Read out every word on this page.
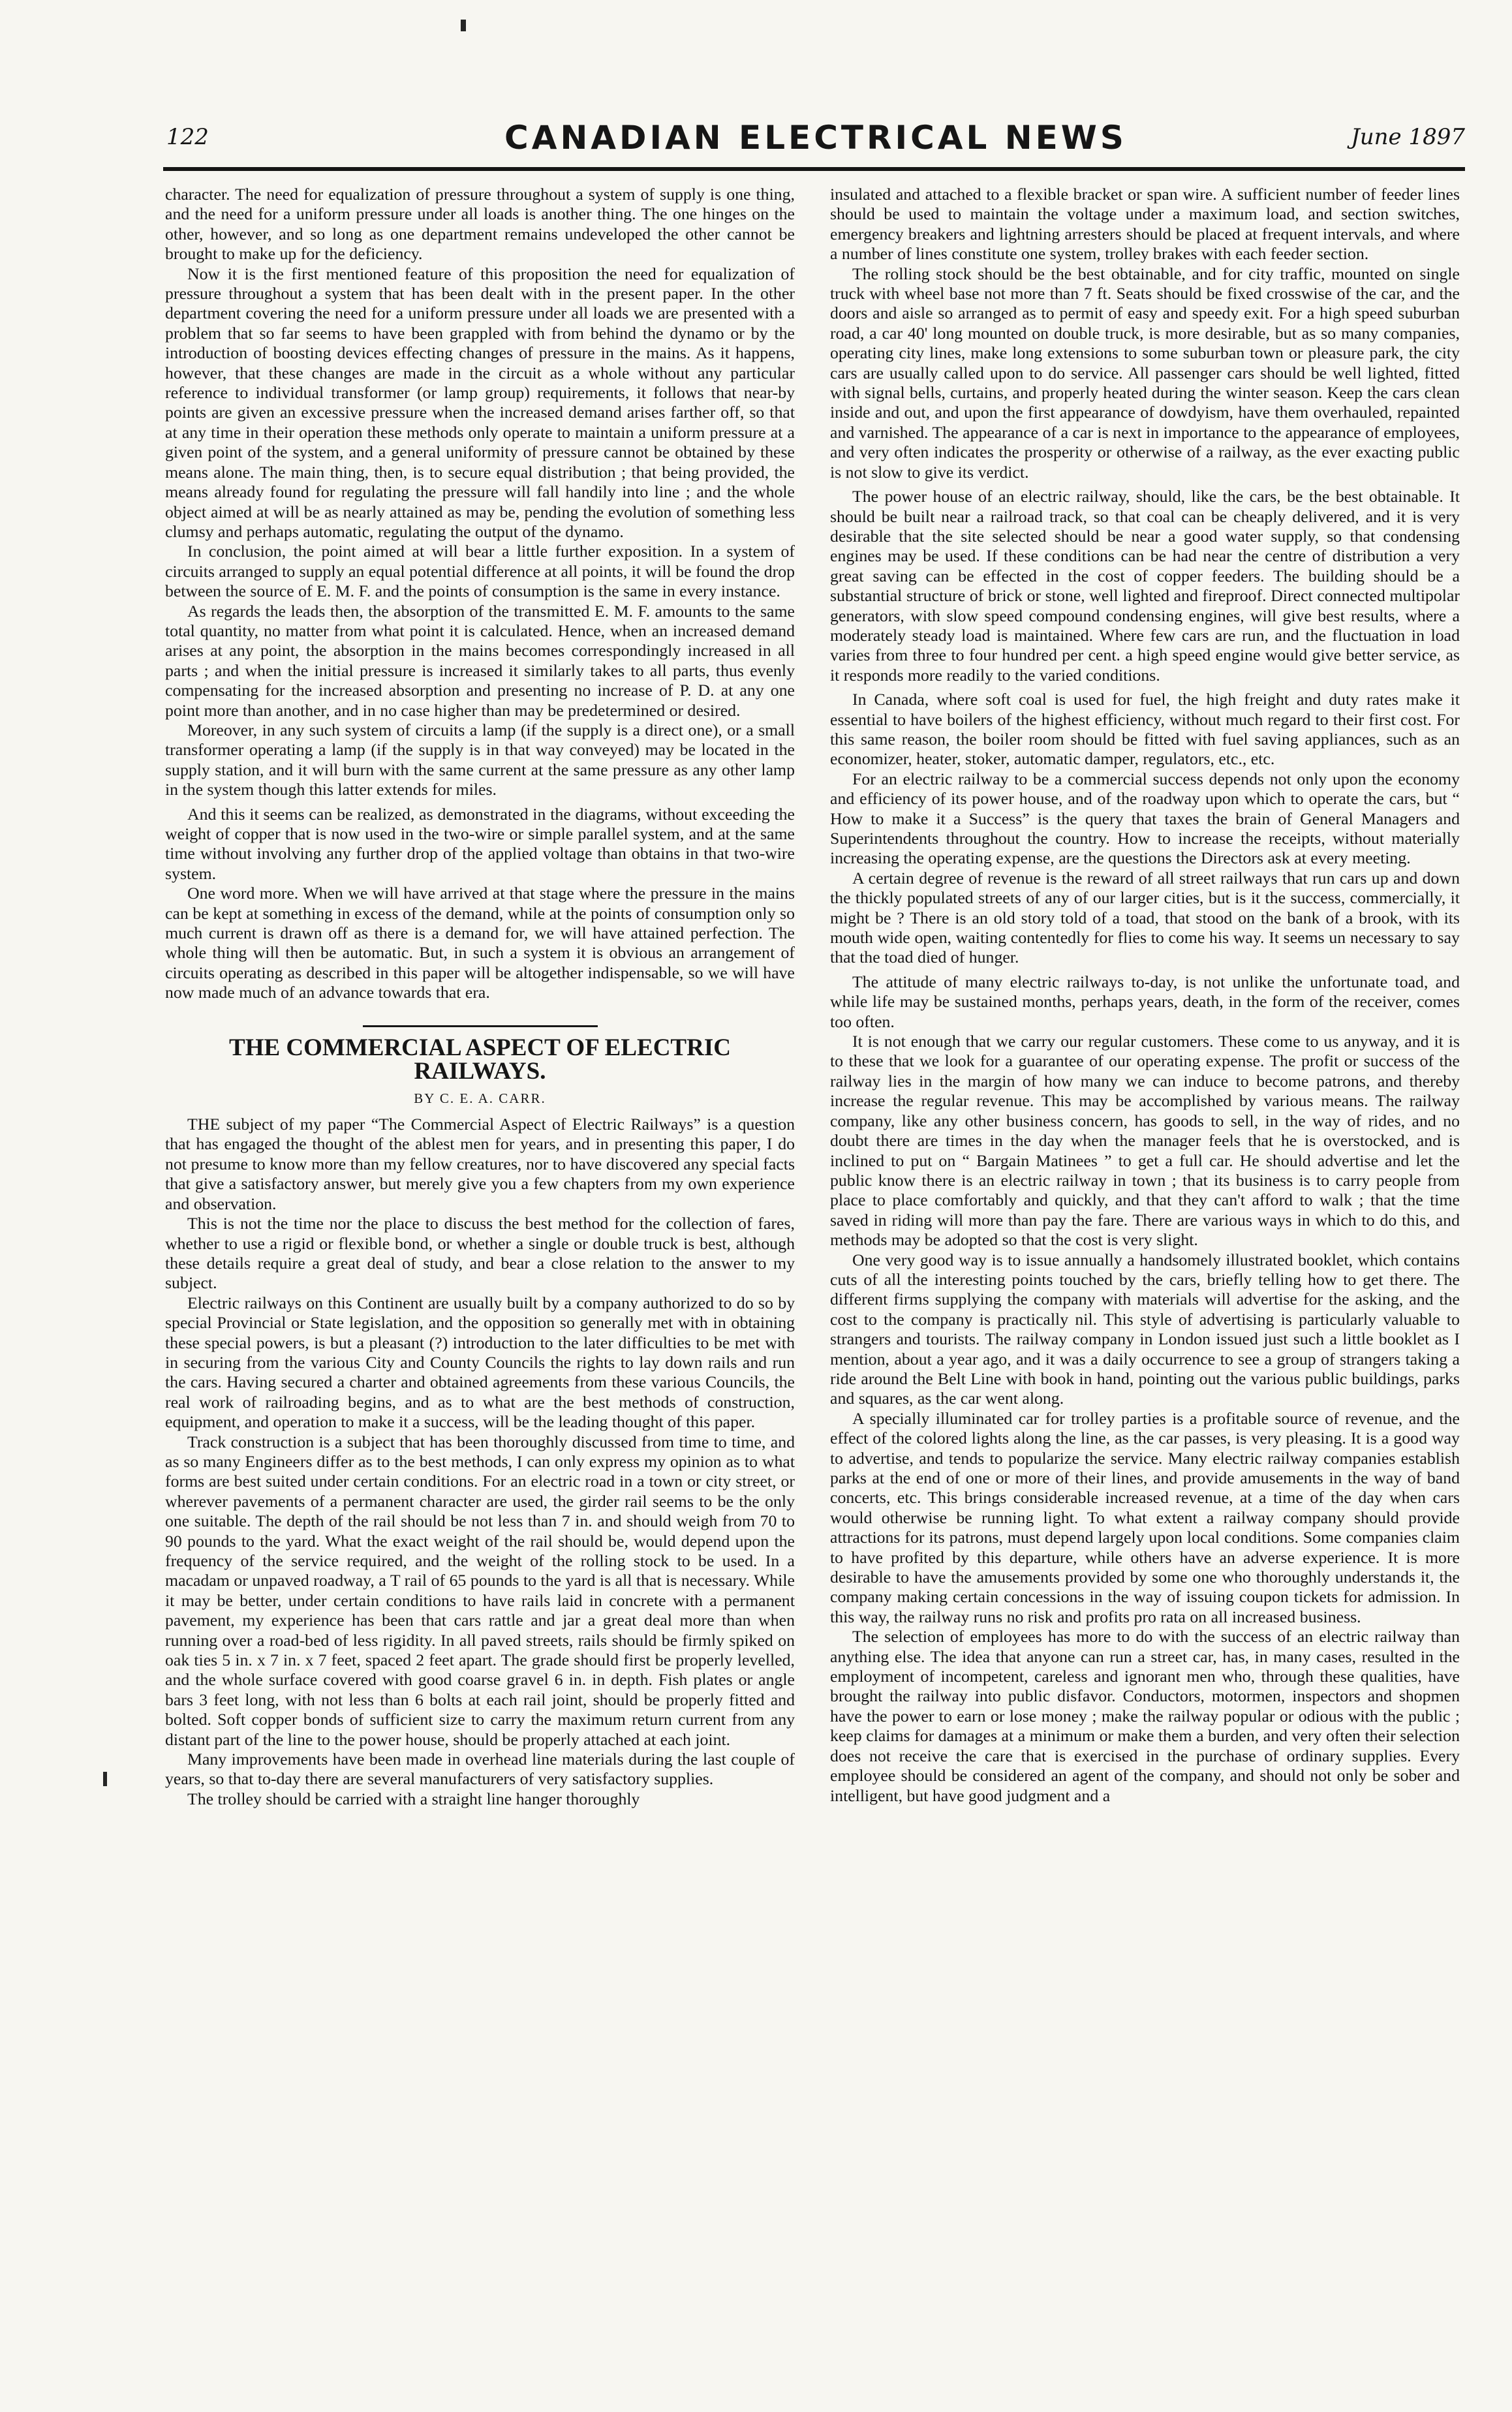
122	CANADIAN ELECTRICAL NEWS	June 1897

character. The need for equalization of pressure throughout a system of supply is one thing, and the need for a uniform pressure under all loads is another thing. The one hinges on the other, however, and so long as one department remains undeveloped the other cannot be brought to make up for the deficiency.

Now it is the first mentioned feature of this proposition the need for equalization of pressure throughout a system that has been dealt with in the present paper. In the other department covering the need for a uniform pressure under all loads we are presented with a problem that so far seems to have been grappled with from behind the dynamo or by the introduction of boosting devices effecting changes of pressure in the mains. As it happens, however, that these changes are made in the circuit as a whole without any particular reference to individual transformer (or lamp group) requirements, it follows that near-by points are given an excessive pressure when the increased demand arises farther off, so that at any time in their operation these methods only operate to maintain a uniform pressure at a given point of the system, and a general uniformity of pressure cannot be obtained by these means alone. The main thing, then, is to secure equal distribution ; that being provided, the means already found for regulating the pressure will fall handily into line ; and the whole object aimed at will be as nearly attained as may be, pending the evolution of something less clumsy and perhaps automatic, regulating the output of the dynamo.

In conclusion, the point aimed at will bear a little further exposition. In a system of circuits arranged to supply an equal potential difference at all points, it will be found the drop between the source of E. M. F. and the points of consumption is the same in every instance.

As regards the leads then, the absorption of the transmitted E. M. F. amounts to the same total quantity, no matter from what point it is calculated. Hence, when an increased demand arises at any point, the absorption in the mains becomes correspondingly increased in all parts ; and when the initial pressure is increased it similarly takes to all parts, thus evenly compensating for the increased absorption and presenting no increase of P. D. at any one point more than another, and in no case higher than may be predetermined or desired.

Moreover, in any such system of circuits a lamp (if the supply is a direct one), or a small transformer operating a lamp (if the supply is in that way conveyed) may be located in the supply station, and it will burn with the same current at the same pressure as any other lamp in the system though this latter extends for miles.

And this it seems can be realized, as demonstrated in the diagrams, without exceeding the weight of copper that is now used in the two-wire or simple parallel system, and at the same time without involving any further drop of the applied voltage than obtains in that two-wire system.

One word more. When we will have arrived at that stage where the pressure in the mains can be kept at something in excess of the demand, while at the points of consumption only so much current is drawn off as there is a demand for, we will have attained perfection. The whole thing will then be automatic. But, in such a system it is obvious an arrangement of circuits operating as described in this paper will be altogether indispensable, so we will have now made much of an advance towards that era.

THE COMMERCIAL ASPECT OF ELECTRIC RAILWAYS.
BY C. E. A. CARR.

THE subject of my paper “The Commercial Aspect of Electric Railways” is a question that has engaged the thought of the ablest men for years, and in presenting this paper, I do not presume to know more than my fellow creatures, nor to have discovered any special facts that give a satisfactory answer, but merely give you a few chapters from my own experience and observation.

This is not the time nor the place to discuss the best method for the collection of fares, whether to use a rigid or flexible bond, or whether a single or double truck is best, although these details require a great deal of study, and bear a close relation to the answer to my subject.

Electric railways on this Continent are usually built by a company authorized to do so by special Provincial or State legislation, and the opposition so generally met with in obtaining these special powers, is but a pleasant (?) introduction to the later difficulties to be met with in securing from the various City and County Councils the rights to lay down rails and run the cars. Having secured a charter and obtained agreements from these various Councils, the real work of railroading begins, and as to what are the best methods of construction, equipment, and operation to make it a success, will be the leading thought of this paper.

Track construction is a subject that has been thoroughly discussed from time to time, and as so many Engineers differ as to the best methods, I can only express my opinion as to what forms are best suited under certain conditions. For an electric road in a town or city street, or wherever pavements of a permanent character are used, the girder rail seems to be the only one suitable. The depth of the rail should be not less than 7 in. and should weigh from 70 to 90 pounds to the yard. What the exact weight of the rail should be, would depend upon the frequency of the service required, and the weight of the rolling stock to be used. In a macadam or unpaved roadway, a T rail of 65 pounds to the yard is all that is necessary. While it may be better, under certain conditions to have rails laid in concrete with a permanent pavement, my experience has been that cars rattle and jar a great deal more than when running over a road-bed of less rigidity. In all paved streets, rails should be firmly spiked on oak ties 5 in. x 7 in. x 7 feet, spaced 2 feet apart. The grade should first be properly levelled, and the whole surface covered with good coarse gravel 6 in. in depth. Fish plates or angle bars 3 feet long, with not less than 6 bolts at each rail joint, should be properly fitted and bolted. Soft copper bonds of sufficient size to carry the maximum return current from any distant part of the line to the power house, should be properly attached at each joint.

Many improvements have been made in overhead line materials during the last couple of years, so that to-day there are several manufacturers of very satisfactory supplies.

The trolley should be carried with a straight line hanger thoroughly

insulated and attached to a flexible bracket or span wire. A sufficient number of feeder lines should be used to maintain the voltage under a maximum load, and section switches, emergency breakers and lightning arresters should be placed at frequent intervals, and where a number of lines constitute one system, trolley brakes with each feeder section.

The rolling stock should be the best obtainable, and for city traffic, mounted on single truck with wheel base not more than 7 ft. Seats should be fixed crosswise of the car, and the doors and aisle so arranged as to permit of easy and speedy exit. For a high speed suburban road, a car 40' long mounted on double truck, is more desirable, but as so many companies, operating city lines, make long extensions to some suburban town or pleasure park, the city cars are usually called upon to do service. All passenger cars should be well lighted, fitted with signal bells, curtains, and properly heated during the winter season. Keep the cars clean inside and out, and upon the first appearance of dowdyism, have them overhauled, repainted and varnished. The appearance of a car is next in importance to the appearance of employees, and very often indicates the prosperity or otherwise of a railway, as the ever exacting public is not slow to give its verdict.

The power house of an electric railway, should, like the cars, be the best obtainable. It should be built near a railroad track, so that coal can be cheaply delivered, and it is very desirable that the site selected should be near a good water supply, so that condensing engines may be used. If these conditions can be had near the centre of distribution a very great saving can be effected in the cost of copper feeders. The building should be a substantial structure of brick or stone, well lighted and fireproof. Direct connected multipolar generators, with slow speed compound condensing engines, will give best results, where a moderately steady load is maintained. Where few cars are run, and the fluctuation in load varies from three to four hundred per cent. a high speed engine would give better service, as it responds more readily to the varied conditions.

In Canada, where soft coal is used for fuel, the high freight and duty rates make it essential to have boilers of the highest efficiency, without much regard to their first cost. For this same reason, the boiler room should be fitted with fuel saving appliances, such as an economizer, heater, stoker, automatic damper, regulators, etc., etc.

For an electric railway to be a commercial success depends not only upon the economy and efficiency of its power house, and of the roadway upon which to operate the cars, but “ How to make it a Success” is the query that taxes the brain of General Managers and Superintendents throughout the country. How to increase the receipts, without materially increasing the operating expense, are the questions the Directors ask at every meeting.

A certain degree of revenue is the reward of all street railways that run cars up and down the thickly populated streets of any of our larger cities, but is it the success, commercially, it might be ? There is an old story told of a toad, that stood on the bank of a brook, with its mouth wide open, waiting contentedly for flies to come his way. It seems un necessary to say that the toad died of hunger.

The attitude of many electric railways to-day, is not unlike the unfortunate toad, and while life may be sustained months, perhaps years, death, in the form of the receiver, comes too often.

It is not enough that we carry our regular customers. These come to us anyway, and it is to these that we look for a guarantee of our operating expense. The profit or success of the railway lies in the margin of how many we can induce to become patrons, and thereby increase the regular revenue. This may be accomplished by various means. The railway company, like any other business concern, has goods to sell, in the way of rides, and no doubt there are times in the day when the manager feels that he is overstocked, and is inclined to put on “ Bargain Matinees ” to get a full car. He should advertise and let the public know there is an electric railway in town ; that its business is to carry people from place to place comfortably and quickly, and that they can't afford to walk ; that the time saved in riding will more than pay the fare. There are various ways in which to do this, and methods may be adopted so that the cost is very slight.

One very good way is to issue annually a handsomely illustrated booklet, which contains cuts of all the interesting points touched by the cars, briefly telling how to get there. The different firms supplying the company with materials will advertise for the asking, and the cost to the company is practically nil. This style of advertising is particularly valuable to strangers and tourists. The railway company in London issued just such a little booklet as I mention, about a year ago, and it was a daily occurrence to see a group of strangers taking a ride around the Belt Line with book in hand, pointing out the various public buildings, parks and squares, as the car went along.

A specially illuminated car for trolley parties is a profitable source of revenue, and the effect of the colored lights along the line, as the car passes, is very pleasing. It is a good way to advertise, and tends to popularize the service. Many electric railway companies establish parks at the end of one or more of their lines, and provide amusements in the way of band concerts, etc. This brings considerable increased revenue, at a time of the day when cars would otherwise be running light. To what extent a railway company should provide attractions for its patrons, must depend largely upon local conditions. Some companies claim to have profited by this departure, while others have an adverse experience. It is more desirable to have the amusements provided by some one who thoroughly understands it, the company making certain concessions in the way of issuing coupon tickets for admission. In this way, the railway runs no risk and profits pro rata on all increased business.

The selection of employees has more to do with the success of an electric railway than anything else. The idea that anyone can run a street car, has, in many cases, resulted in the employment of incompetent, careless and ignorant men who, through these qualities, have brought the railway into public disfavor. Conductors, motormen, inspectors and shopmen have the power to earn or lose money ; make the railway popular or odious with the public ; keep claims for damages at a minimum or make them a burden, and very often their selection does not receive the care that is exercised in the purchase of ordinary supplies. Every employee should be considered an agent of the company, and should not only be sober and intelligent, but have good judgment and a
